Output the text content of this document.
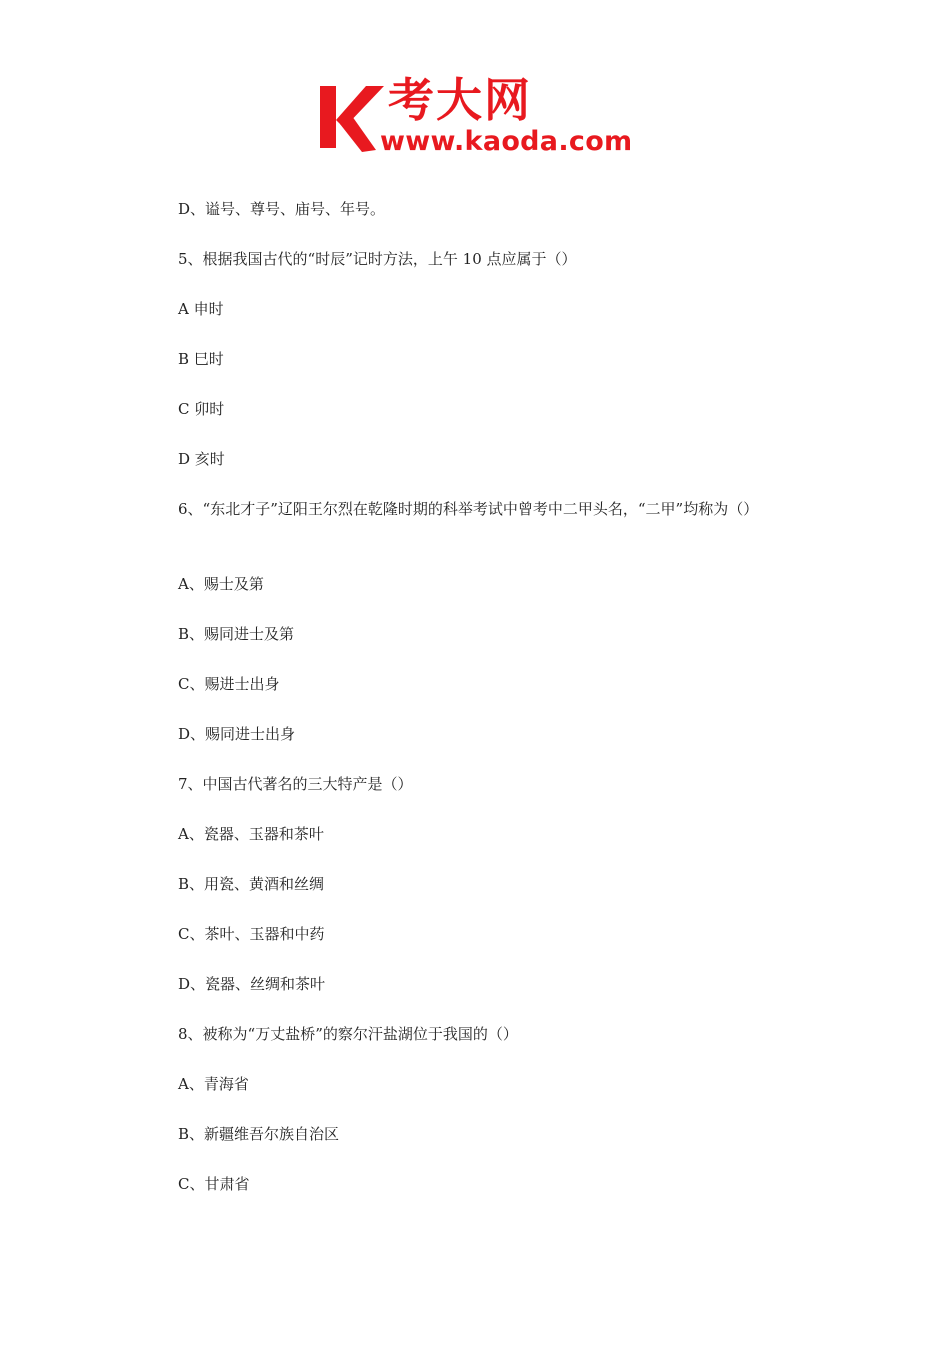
考大网
www.kaoda.com
D、谥号、尊号、庙号、年号。
5、根据我国古代的“时辰”记时方法，上午 10 点应属于（）
A 申时
B 巳时
C 卯时
D 亥时
6、“东北才子”辽阳王尔烈在乾隆时期的科举考试中曾考中二甲头名，“二甲”均称为（）
A、赐士及第
B、赐同进士及第
C、赐进士出身
D、赐同进士出身
7、中国古代著名的三大特产是（）
A、瓷器、玉器和茶叶
B、用瓷、黄酒和丝绸
C、茶叶、玉器和中药
D、瓷器、丝绸和茶叶
8、被称为“万丈盐桥”的察尔汗盐湖位于我国的（）
A、青海省
B、新疆维吾尔族自治区
C、甘肃省
